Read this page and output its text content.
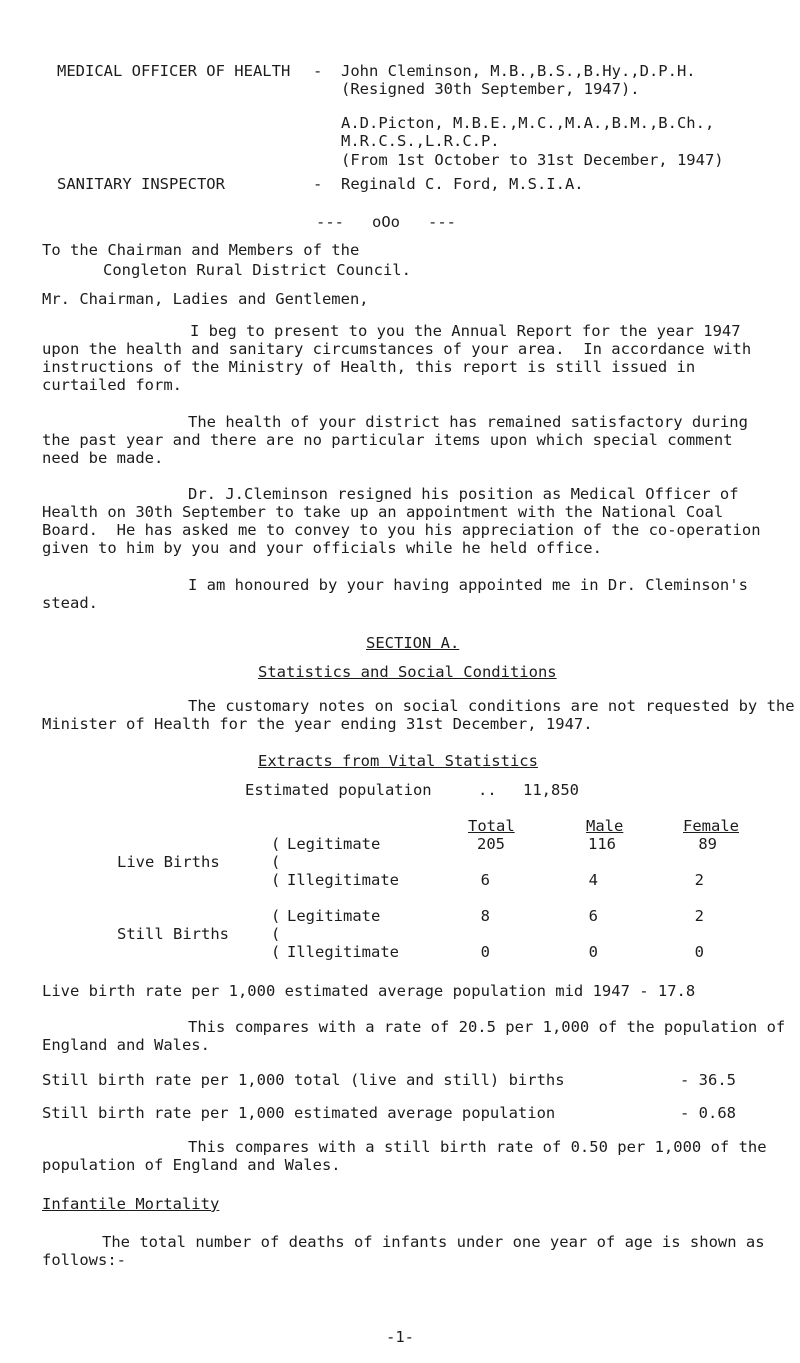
MEDICAL OFFICER OF HEALTH - John Cleminson, M.B.,B.S.,B.Hy.,D.P.H.
(Resigned 30th September, 1947).
A.D.Picton, M.B.E.,M.C.,M.A.,B.M.,B.Ch.,
M.R.C.S.,L.R.C.P.
(From 1st October to 31st December, 1947)
SANITARY INSPECTOR	- Reginald C. Ford, M.S.I.A.
---   oOo   ---
To the Chairman and Members of the
Congleton Rural District Council.
Mr. Chairman, Ladies and Gentlemen,
I beg to present to you the Annual Report for the year 1947
upon the health and sanitary circumstances of your area.  In accordance with
instructions of the Ministry of Health, this report is still issued in
curtailed form.
The health of your district has remained satisfactory during
the past year and there are no particular items upon which special comment
need be made.
Dr. J.Cleminson resigned his position as Medical Officer of
Health on 30th September to take up an appointment with the National Coal
Board.  He has asked me to convey to you his appreciation of the co-operation
given to him by you and your officials while he held office.
I am honoured by your having appointed me in Dr. Cleminson's
stead.
SECTION A.
Statistics and Social Conditions
The customary notes on social conditions are not requested by the
Minister of Health for the year ending 31st December, 1947.
Extracts from Vital Statistics
Estimated population	.. 11,850
Total	Male	Female
(
(
(
Live Births
Legitimate	205	116	89
Illegitimate	6	4	2
(
(
(
Still Births
Legitimate	8	6	2
Illegitimate	0	0	0
Live birth rate per 1,000 estimated average population mid 1947 - 17.8
This compares with a rate of 20.5 per 1,000 of the population of
England and Wales.
Still birth rate per 1,000 total (live and still) births	- 36.5
Still birth rate per 1,000 estimated average population	- 0.68
This compares with a still birth rate of 0.50 per 1,000 of the
population of England and Wales.
Infantile Mortality
The total number of deaths of infants under one year of age is shown as
follows:-
-1-
